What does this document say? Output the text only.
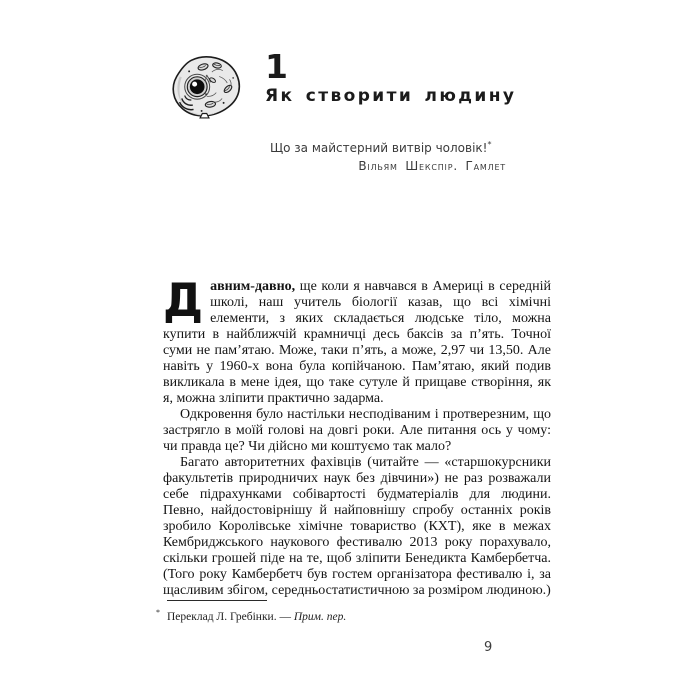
1
Як створити людину
Що за майстерний витвір чоловік!*
Вільям Шекспір. Гамлет

Давним-давно, ще коли я навчався в Америці в середній школі, наш учитель біології казав, що всі хімічні елементи, з яких складається людське тіло, можна купити в найближчій крамничці десь баксів за п’ять. Точної суми не пам’ятаю. Може, таки п’ять, а може, 2,97 чи 13,50. Але навіть у 1960-х вона була копійчаною. Пам’ятаю, який подив викликала в мене ідея, що таке сутуле й прищаве створіння, як я, можна зліпити практично задарма.

Одкровення було настільки несподіваним і протверезним, що застрягло в моїй голові на довгі роки. Але питання ось у чому: чи правда це? Чи дійсно ми коштуємо так мало?

Багато авторитетних фахівців (читайте — «старшокурсники факультетів природничих наук без дівчини») не раз розважали себе підрахунками собівартості будматеріалів для людини. Певно, найдостовірнішу й найповнішу спробу останніх років зробило Королівське хімічне товариство (КХТ), яке в межах Кембриджського наукового фестивалю 2013 року порахувало, скільки грошей піде на те, щоб зліпити Бенедикта Камбербетча. (Того року Камбербетч був гостем організатора фестивалю і, за щасливим збігом, середньостатистичною за розміром людиною.)

* Переклад Л. Гребінки. — Прим. пер.
9
